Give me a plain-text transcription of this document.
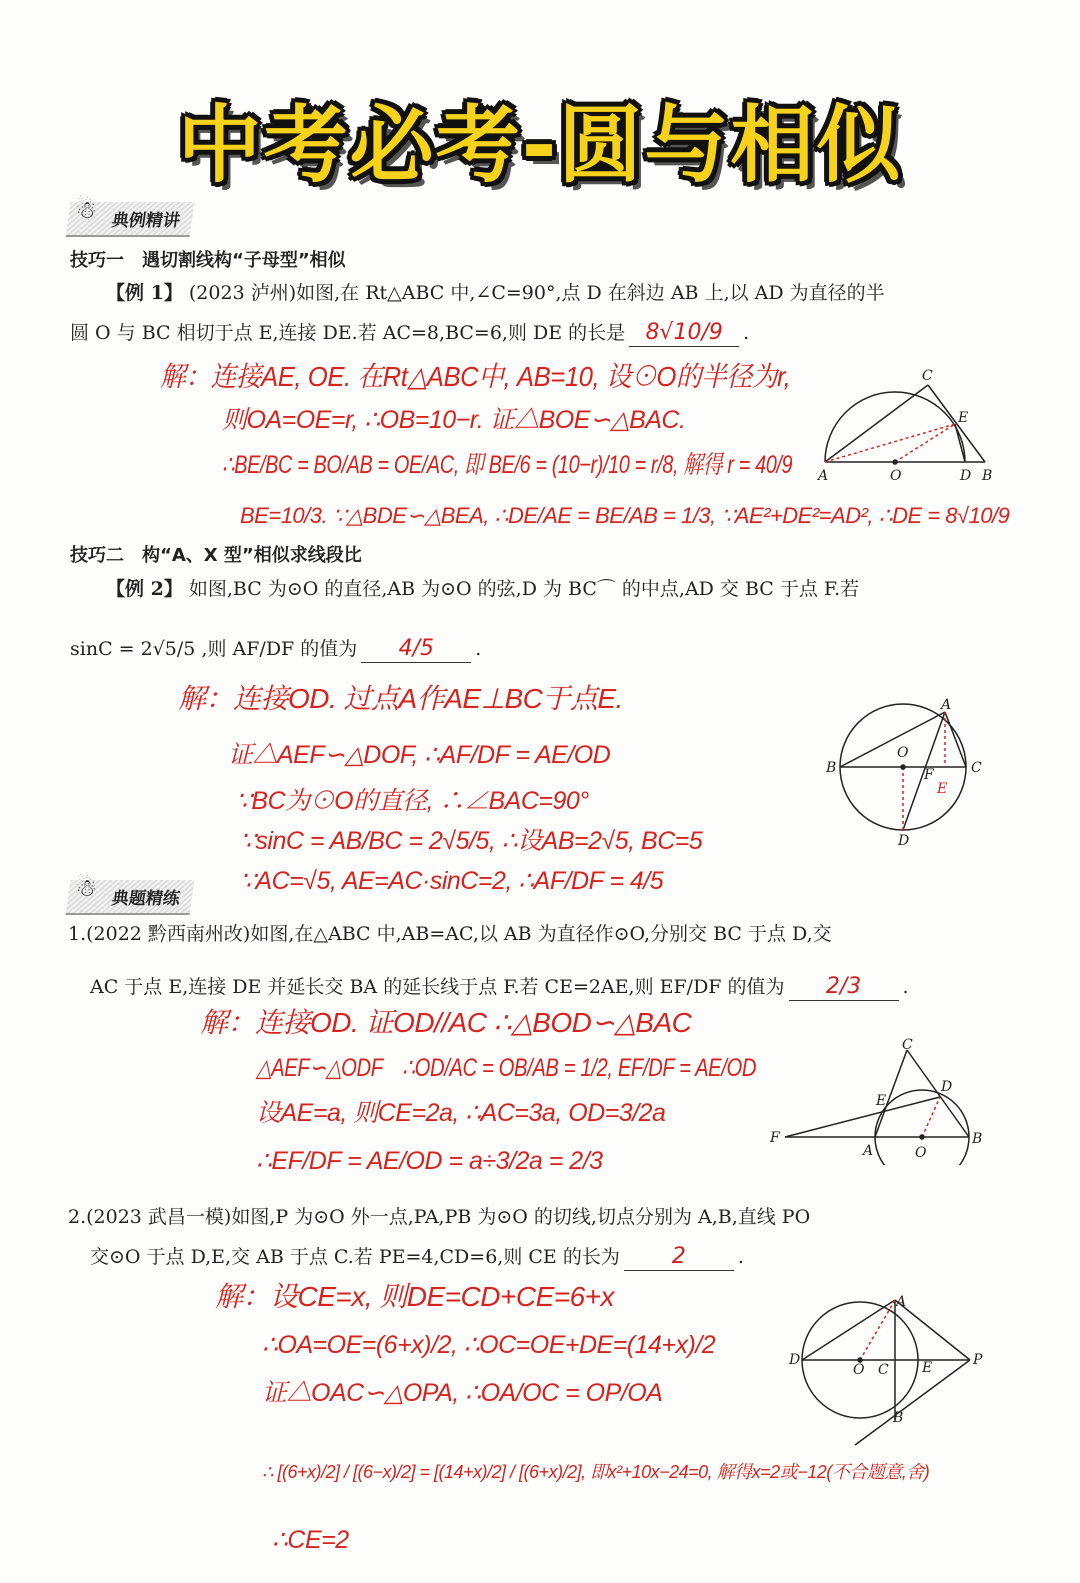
中考必考-圆与相似
☃ 典例精讲
技巧一　遇切割线构“子母型”相似
【例 1】 (2023 泸州)如图,在 Rt△ABC 中,∠C=90°,点 D 在斜边 AB 上,以 AD 为直径的半
圆 O 与 BC 相切于点 E,连接 DE.若 AC=8,BC=6,则 DE 的长是 8√10/9 .
解：连接AE, OE. 在Rt△ABC中, AB=10, 设⊙O的半径为r,
则OA=OE=r, ∴OB=10−r. 证△BOE∽△BAC.
∴BE/BC = BO/AB = OE/AC, 即 BE/6 = (10−r)/10 = r/8, 解得 r = 40/9
BE=10/3. ∵△BDE∽△BEA, ∴DE/AE = BE/AB = 1/3, ∵AE²+DE²=AD², ∴DE = 8√10/9
C
E
A	O	D B
技巧二　构“A、X 型”相似求线段比
【例 2】 如图,BC 为⊙O 的直径,AB 为⊙O 的弦,D 为 BC⌒ 的中点,AD 交 BC 于点 F.若
sinC = 2√5/5 ,则 AF/DF 的值为 4/5 .
解：连接OD. 过点A作AE⊥BC于点E.
证△AEF∽△DOF, ∴AF/DF = AE/OD
∵BC为⊙O的直径, ∴∠BAC=90°
∵sinC = AB/BC = 2√5/5, ∴设AB=2√5, BC=5
∵AC=√5, AE=AC·sinC=2, ∴AF/DF = 4/5
A
O
B	C
F
E
D
☃ 典题精练
1.(2022 黔西南州改)如图,在△ABC 中,AB=AC,以 AB 为直径作⊙O,分别交 BC 于点 D,交
AC 于点 E,连接 DE 并延长交 BA 的延长线于点 F.若 CE=2AE,则 EF/DF 的值为 2/3 .
解：连接OD. 证OD//AC ∴△BOD∽△BAC
△AEF∽△ODF　∴OD/AC = OB/AB = 1/2, EF/DF = AE/OD
设AE=a, 则CE=2a, ∴AC=3a, OD=3/2a
∴EF/DF = AE/OD = a÷3/2a = 2/3
C
D
E
F
A	O
B
2.(2023 武昌一模)如图,P 为⊙O 外一点,PA,PB 为⊙O 的切线,切点分别为 A,B,直线 PO
交⊙O 于点 D,E,交 AB 于点 C.若 PE=4,CD=6,则 CE 的长为 2	.
解：设CE=x, 则DE=CD+CE=6+x
∴OA=OE=(6+x)/2, ∴OC=OE+DE=(14+x)/2
证△OAC∽△OPA, ∴OA/OC = OP/OA
∴ [(6+x)/2] / [(6−x)/2] = [(14+x)/2] / [(6+x)/2], 即x²+10x−24=0, 解得x=2或−12(不合题意,舍)
∴CE=2
A
D
O C E	P
B
